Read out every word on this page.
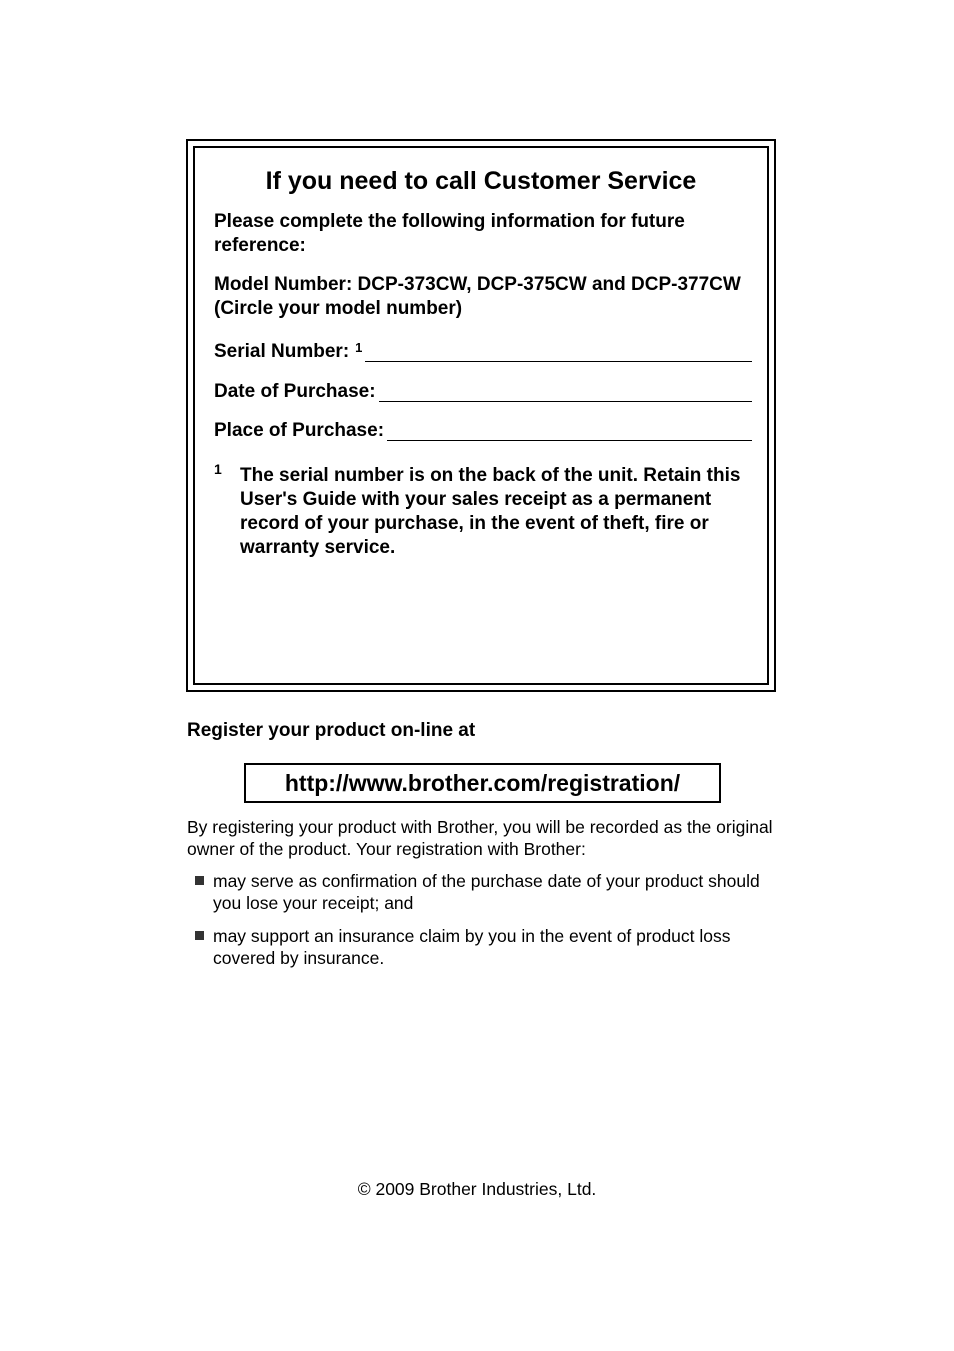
If you need to call Customer Service

Please complete the following information for future reference:

Model Number: DCP-373CW, DCP-375CW and DCP-377CW (Circle your model number)

Serial Number: $^1$
Date of Purchase:
Place of Purchase:
1 The serial number is on the back of the unit. Retain this User's Guide with your sales receipt as a permanent record of your purchase, in the event of theft, fire or warranty service.

Register your product on-line at
http://www.brother.com/registration/

By registering your product with Brother, you will be recorded as the original owner of the product. Your registration with Brother:

may serve as confirmation of the purchase date of your product should you lose your receipt; and
may support an insurance claim by you in the event of product loss covered by insurance.
© 2009 Brother Industries, Ltd.
